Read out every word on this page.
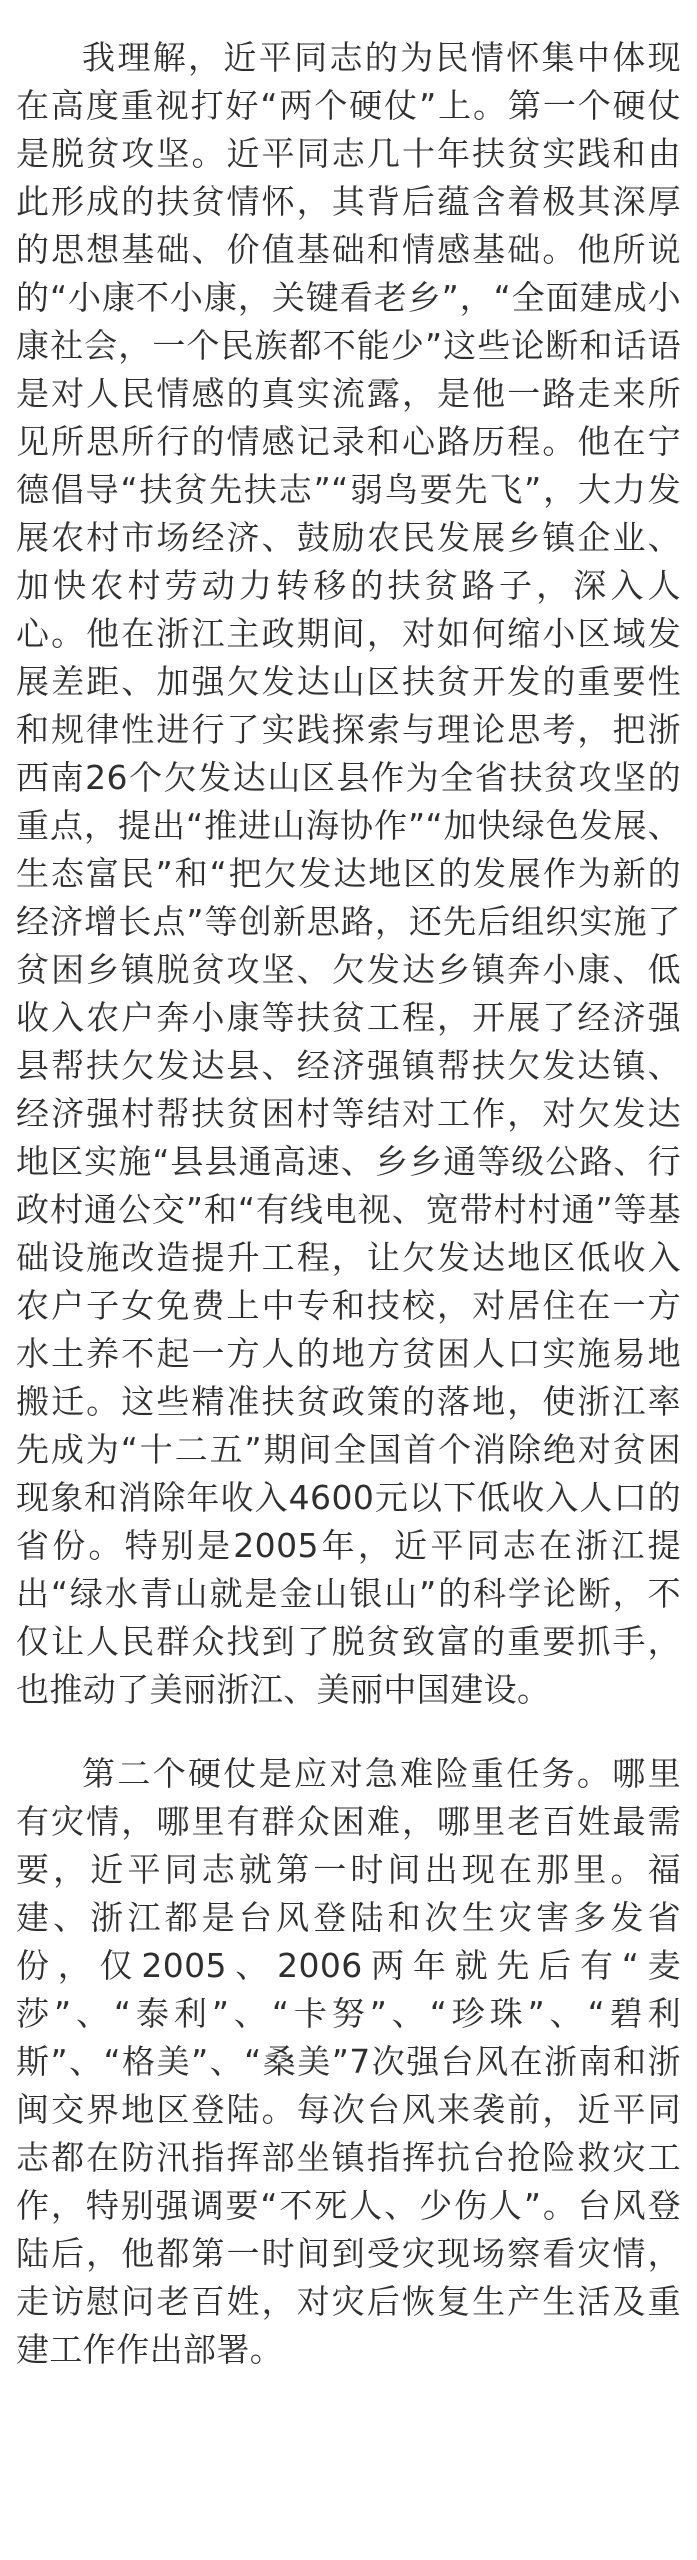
我理解，近平同志的为民情怀集中体现在高度重视打好“两个硬仗”上。第一个硬仗是脱贫攻坚。近平同志几十年扶贫实践和由此形成的扶贫情怀，其背后蕴含着极其深厚的思想基础、价值基础和情感基础。他所说的“小康不小康，关键看老乡”，“全面建成小康社会，一个民族都不能少”这些论断和话语是对人民情感的真实流露，是他一路走来所见所思所行的情感记录和心路历程。他在宁德倡导“扶贫先扶志”“弱鸟要先飞”，大力发展农村市场经济、鼓励农民发展乡镇企业、加快农村劳动力转移的扶贫路子，深入人心。他在浙江主政期间，对如何缩小区域发展差距、加强欠发达山区扶贫开发的重要性和规律性进行了实践探索与理论思考，把浙西南26个欠发达山区县作为全省扶贫攻坚的重点，提出“推进山海协作”“加快绿色发展、生态富民”和“把欠发达地区的发展作为新的经济增长点”等创新思路，还先后组织实施了贫困乡镇脱贫攻坚、欠发达乡镇奔小康、低收入农户奔小康等扶贫工程，开展了经济强县帮扶欠发达县、经济强镇帮扶欠发达镇、经济强村帮扶贫困村等结对工作，对欠发达地区实施“县县通高速、乡乡通等级公路、行政村通公交”和“有线电视、宽带村村通”等基础设施改造提升工程，让欠发达地区低收入农户子女免费上中专和技校，对居住在一方水土养不起一方人的地方贫困人口实施易地搬迁。这些精准扶贫政策的落地，使浙江率先成为“十二五”期间全国首个消除绝对贫困现象和消除年收入4600元以下低收入人口的省份。特别是2005年，近平同志在浙江提出“绿水青山就是金山银山”的科学论断，不仅让人民群众找到了脱贫致富的重要抓手，也推动了美丽浙江、美丽中国建设。

第二个硬仗是应对急难险重任务。哪里有灾情，哪里有群众困难，哪里老百姓最需要，近平同志就第一时间出现在那里。福建、浙江都是台风登陆和次生灾害多发省份，仅2005、2006两年就先后有“麦莎”、“泰利”、“卡努”、“珍珠”、“碧利斯”、“格美”、“桑美”7次强台风在浙南和浙闽交界地区登陆。每次台风来袭前，近平同志都在防汛指挥部坐镇指挥抗台抢险救灾工作，特别强调要“不死人、少伤人”。台风登陆后，他都第一时间到受灾现场察看灾情，走访慰问老百姓，对灾后恢复生产生活及重建工作作出部署。
